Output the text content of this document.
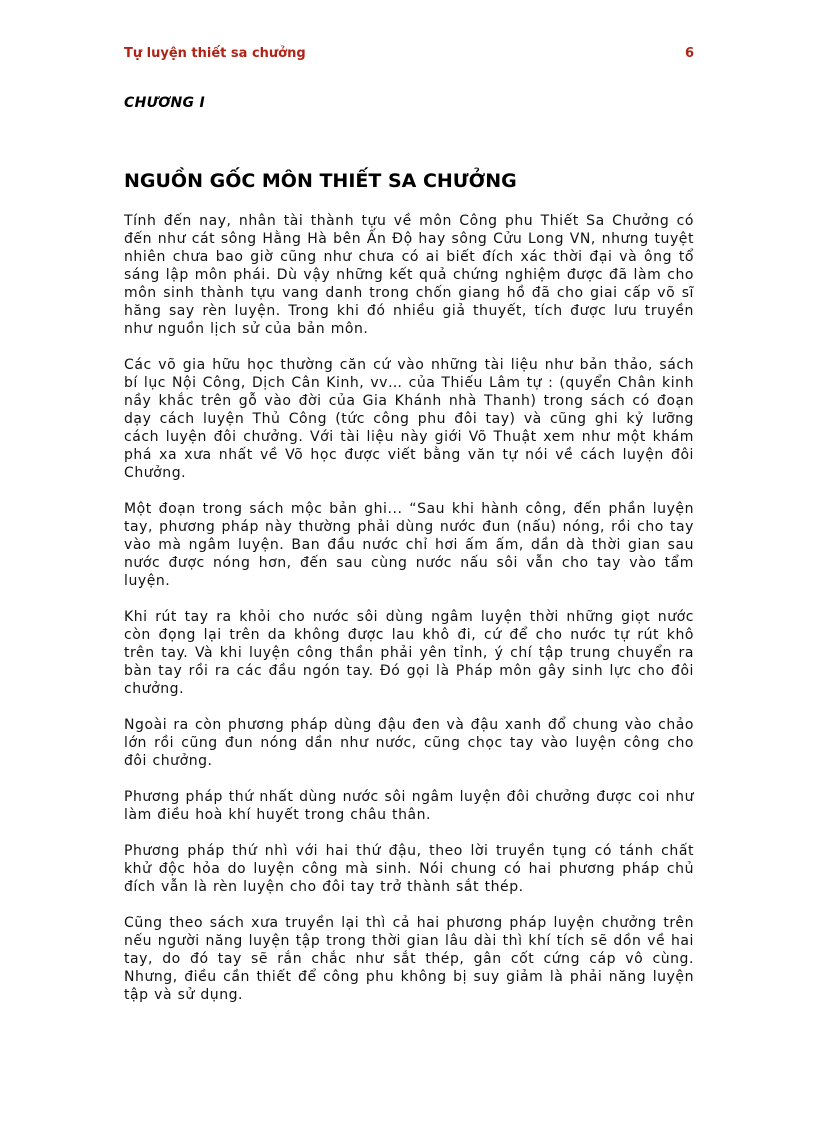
Tự luyện thiết sa chưởng	6
CHƯƠNG I
NGUỒN GỐC MÔN THIẾT SA CHƯỞNG

Tính đến nay, nhân tài thành tựu về môn Công phu Thiết Sa Chưởng có đến như cát sông Hằng Hà bên Ấn Độ hay sông Cửu Long VN, nhưng tuyệt nhiên chưa bao giờ cũng như chưa có ai biết đích xác thời đại và ông tổ sáng lập môn phái. Dù vậy những kết quả chứng nghiệm được đã làm cho môn sinh thành tựu vang danh trong chốn giang hồ đã cho giai cấp võ sĩ hăng say rèn luyện. Trong khi đó nhiều giả thuyết, tích được lưu truyền như nguồn lịch sử của bản môn.

Các võ gia hữu học thường căn cứ vào những tài liệu như bản thảo, sách bí lục Nội Công, Dịch Cân Kinh, vv… của Thiếu Lâm tự : (quyển Chân kinh nầy khắc trên gỗ vào đời của Gia Khánh nhà Thanh) trong sách có đoạn dạy cách luyện Thủ Công (tức công phu đôi tay) và cũng ghi kỷ lưỡng cách luyện đôi chưởng. Với tài liệu này giới Võ Thuật xem như một khám phá xa xưa nhất về Võ học được viết bằng văn tự nói về cách luyện đôi Chưởng.

Một đoạn trong sách mộc bản ghi... “Sau khi hành công, đến phần luyện tay, phương pháp này thường phải dùng nước đun (nấu) nóng, rồi cho tay vào mà ngâm luyện. Ban đầu nước chỉ hơi ấm ấm, dần dà thời gian sau nước được nóng hơn, đến sau cùng nước nấu sôi vẫn cho tay vào tẩm luyện.

Khi rút tay ra khỏi cho nước sôi dùng ngâm luyện thời những giọt nước còn đọng lại trên da không được lau khô đi, cứ để cho nước tự rút khô trên tay. Và khi luyện công thần phải yên tỉnh, ý chí tập trung chuyển ra bàn tay rồi ra các đầu ngón tay. Đó gọi là Pháp môn gây sinh lực cho đôi chưởng.

Ngoài ra còn phương pháp dùng đậu đen và đậu xanh đổ chung vào chảo lớn rồi cũng đun nóng dần như nước, cũng chọc tay vào luyện công cho đôi chưởng.

Phương pháp thứ nhất dùng nước sôi ngâm luyện đôi chưởng được coi như làm điều hoà khí huyết trong châu thân.

Phương pháp thứ nhì với hai thứ đậu, theo lời truyền tụng có tánh chất khử độc hỏa do luyện công mà sinh. Nói chung có hai phương pháp chủ đích vẫn là rèn luyện cho đôi tay trở thành sắt thép.

Cũng theo sách xưa truyền lại thì cả hai phương pháp luyện chưởng trên nếu người năng luyện tập trong thời gian lâu dài thì khí tích sẽ dồn về hai tay, do đó tay sẽ rắn chắc như sắt thép, gân cốt cứng cáp vô cùng. Nhưng, điều cần thiết để công phu không bị suy giảm là phải năng luyện tập và sử dụng.
